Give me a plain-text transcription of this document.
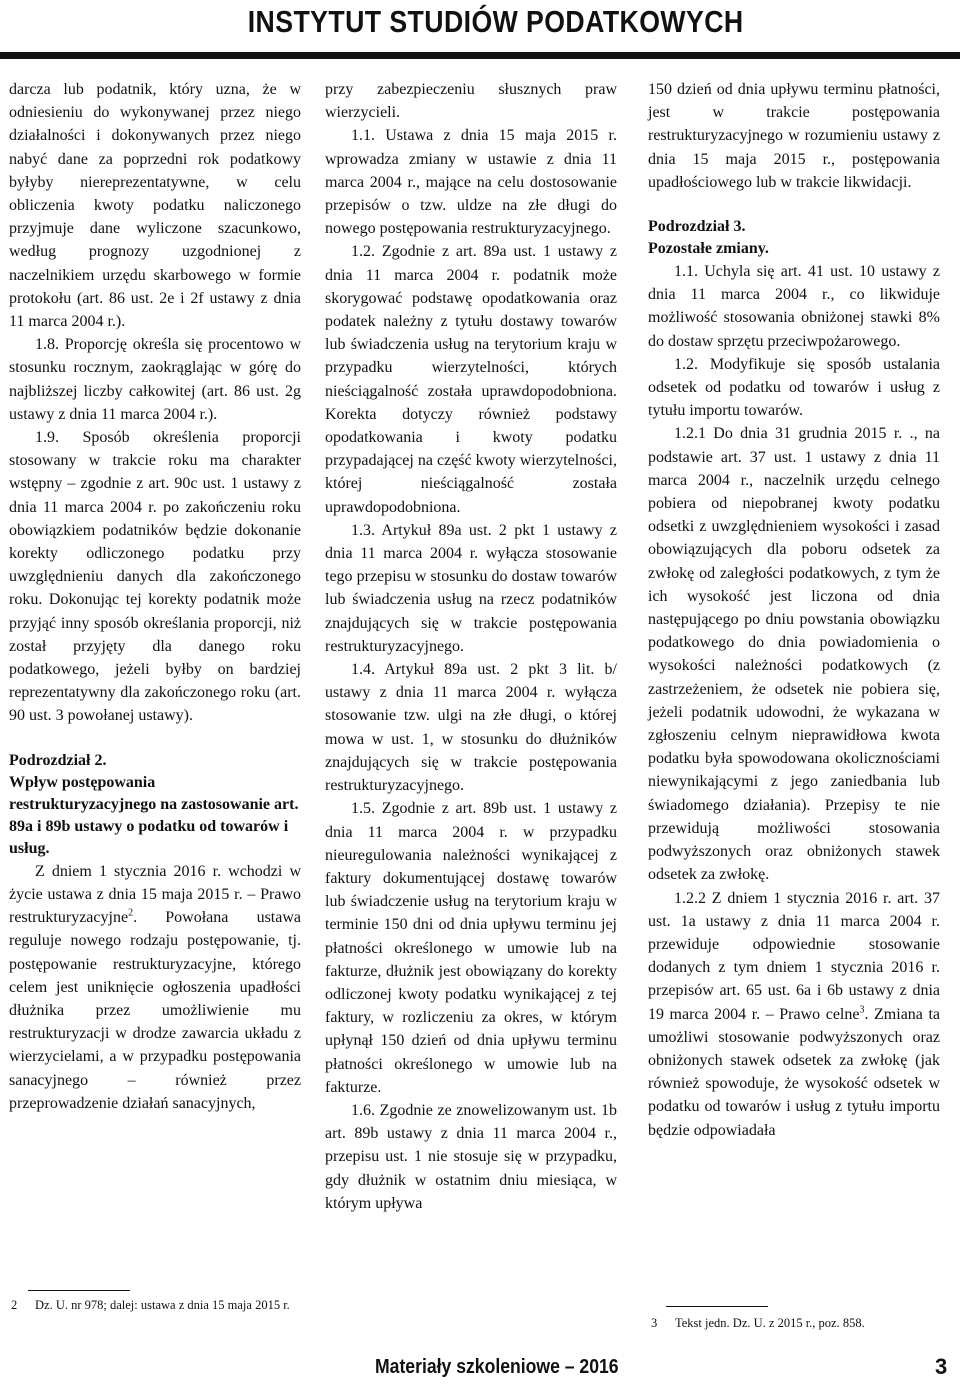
INSTYTUT STUDIÓW PODATKOWYCH

darcza lub podatnik, który uzna, że w odniesieniu do wykonywanej przez niego działalności i dokonywanych przez niego nabyć dane za poprzedni rok podatkowy byłyby niereprezentatywne, w celu obliczenia kwoty podatku naliczonego przyjmuje dane wyliczone szacunkowo, według prognozy uzgodnionej z naczelnikiem urzędu skarbowego w formie protokołu (art. 86 ust. 2e i 2f ustawy z dnia 11 marca 2004 r.).

1.8. Proporcję określa się procentowo w stosunku rocznym, zaokrąglając w górę do najbliższej liczby całkowitej (art. 86 ust. 2g ustawy z dnia 11 marca 2004 r.).

1.9. Sposób określenia proporcji stosowany w trakcie roku ma charakter wstępny – zgodnie z art. 90c ust. 1 ustawy z dnia 11 marca 2004 r. po zakończeniu roku obowiązkiem podatników będzie dokonanie korekty odliczonego podatku przy uwzględnieniu danych dla zakończonego roku. Dokonując tej korekty podatnik może przyjąć inny sposób określania proporcji, niż został przyjęty dla danego roku podatkowego, jeżeli byłby on bardziej reprezentatywny dla zakończonego roku (art. 90 ust. 3 powołanej ustawy).

Podrozdział 2.
Wpływ postępowania restrukturyzacyjnego na zastosowanie art. 89a i 89b ustawy o podatku od towarów i usług.

Z dniem 1 stycznia 2016 r. wchodzi w życie ustawa z dnia 15 maja 2015 r. – Prawo restrukturyzacyjne$^2$. Powołana ustawa reguluje nowego rodzaju postępowanie, tj. postępowanie restrukturyzacyjne, którego celem jest uniknięcie ogłoszenia upadłości dłużnika przez umożliwienie mu restrukturyzacji w drodze zawarcia układu z wierzycielami, a w przypadku postępowania sanacyjnego – również przez przeprowadzenie działań sanacyjnych,

przy zabezpieczeniu słusznych praw wierzycieli.

1.1. Ustawa z dnia 15 maja 2015 r. wprowadza zmiany w ustawie z dnia 11 marca 2004 r., mające na celu dostosowanie przepisów o tzw. uldze na złe długi do nowego postępowania restrukturyzacyjnego.

1.2. Zgodnie z art. 89a ust. 1 ustawy z dnia 11 marca 2004 r. podatnik może skorygować podstawę opodatkowania oraz podatek należny z tytułu dostawy towarów lub świadczenia usług na terytorium kraju w przypadku wierzytelności, których nieściągalność została uprawdopodobniona. Korekta dotyczy również podstawy opodatkowania i kwoty podatku przypadającej na część kwoty wierzytelności, której nieściągalność została uprawdopodobniona.

1.3. Artykuł 89a ust. 2 pkt 1 ustawy z dnia 11 marca 2004 r. wyłącza stosowanie tego przepisu w stosunku do dostaw towarów lub świadczenia usług na rzecz podatników znajdujących się w trakcie postępowania restrukturyzacyjnego.

1.4. Artykuł 89a ust. 2 pkt 3 lit. b/ ustawy z dnia 11 marca 2004 r. wyłącza stosowanie tzw. ulgi na złe długi, o której mowa w ust. 1, w stosunku do dłużników znajdujących się w trakcie postępowania restrukturyzacyjnego.

1.5. Zgodnie z art. 89b ust. 1 ustawy z dnia 11 marca 2004 r. w przypadku nieuregulowania należności wynikającej z faktury dokumentującej dostawę towarów lub świadczenie usług na terytorium kraju w terminie 150 dni od dnia upływu terminu jej płatności określonego w umowie lub na fakturze, dłużnik jest obowiązany do korekty odliczonej kwoty podatku wynikającej z tej faktury, w rozliczeniu za okres, w którym upłynął 150 dzień od dnia upływu terminu płatności określonego w umowie lub na fakturze.

1.6. Zgodnie ze znowelizowanym ust. 1b art. 89b ustawy z dnia 11 marca 2004 r., przepisu ust. 1 nie stosuje się w przypadku, gdy dłużnik w ostatnim dniu miesiąca, w którym upływa

150 dzień od dnia upływu terminu płatności, jest w trakcie postępowania restrukturyzacyjnego w rozumieniu ustawy z dnia 15 maja 2015 r., postępowania upadłościowego lub w trakcie likwidacji.

Podrozdział 3.
Pozostałe zmiany.

1.1. Uchyla się art. 41 ust. 10 ustawy z dnia 11 marca 2004 r., co likwiduje możliwość stosowania obniżonej stawki 8% do dostaw sprzętu przeciwpożarowego.

1.2. Modyfikuje się sposób ustalania odsetek od podatku od towarów i usług z tytułu importu towarów.

1.2.1 Do dnia 31 grudnia 2015 r. ., na podstawie art. 37 ust. 1 ustawy z dnia 11 marca 2004 r., naczelnik urzędu celnego pobiera od niepobranej kwoty podatku odsetki z uwzględnieniem wysokości i zasad obowiązujących dla poboru odsetek za zwłokę od zaległości podatkowych, z tym że ich wysokość jest liczona od dnia następującego po dniu powstania obowiązku podatkowego do dnia powiadomienia o wysokości należności podatkowych (z zastrzeżeniem, że odsetek nie pobiera się, jeżeli podatnik udowodni, że wykazana w zgłoszeniu celnym nieprawidłowa kwota podatku była spowodowana okolicznościami niewynikającymi z jego zaniedbania lub świadomego działania). Przepisy te nie przewidują możliwości stosowania podwyższonych oraz obniżonych stawek odsetek za zwłokę.

1.2.2 Z dniem 1 stycznia 2016 r. art. 37 ust. 1a ustawy z dnia 11 marca 2004 r. przewiduje odpowiednie stosowanie dodanych z tym dniem 1 stycznia 2016 r. przepisów art. 65 ust. 6a i 6b ustawy z dnia 19 marca 2004 r. – Prawo celne$^3$. Zmiana ta umożliwi stosowanie podwyższonych oraz obniżonych stawek odsetek za zwłokę (jak również spowoduje, że wysokość odsetek w podatku od towarów i usług z tytułu importu będzie odpowiadała

2	Dz. U. nr 978; dalej: ustawa z dnia 15 maja 2015 r.
3	Tekst jedn. Dz. U. z 2015 r., poz. 858.
Materiały szkoleniowe – 2016	3
